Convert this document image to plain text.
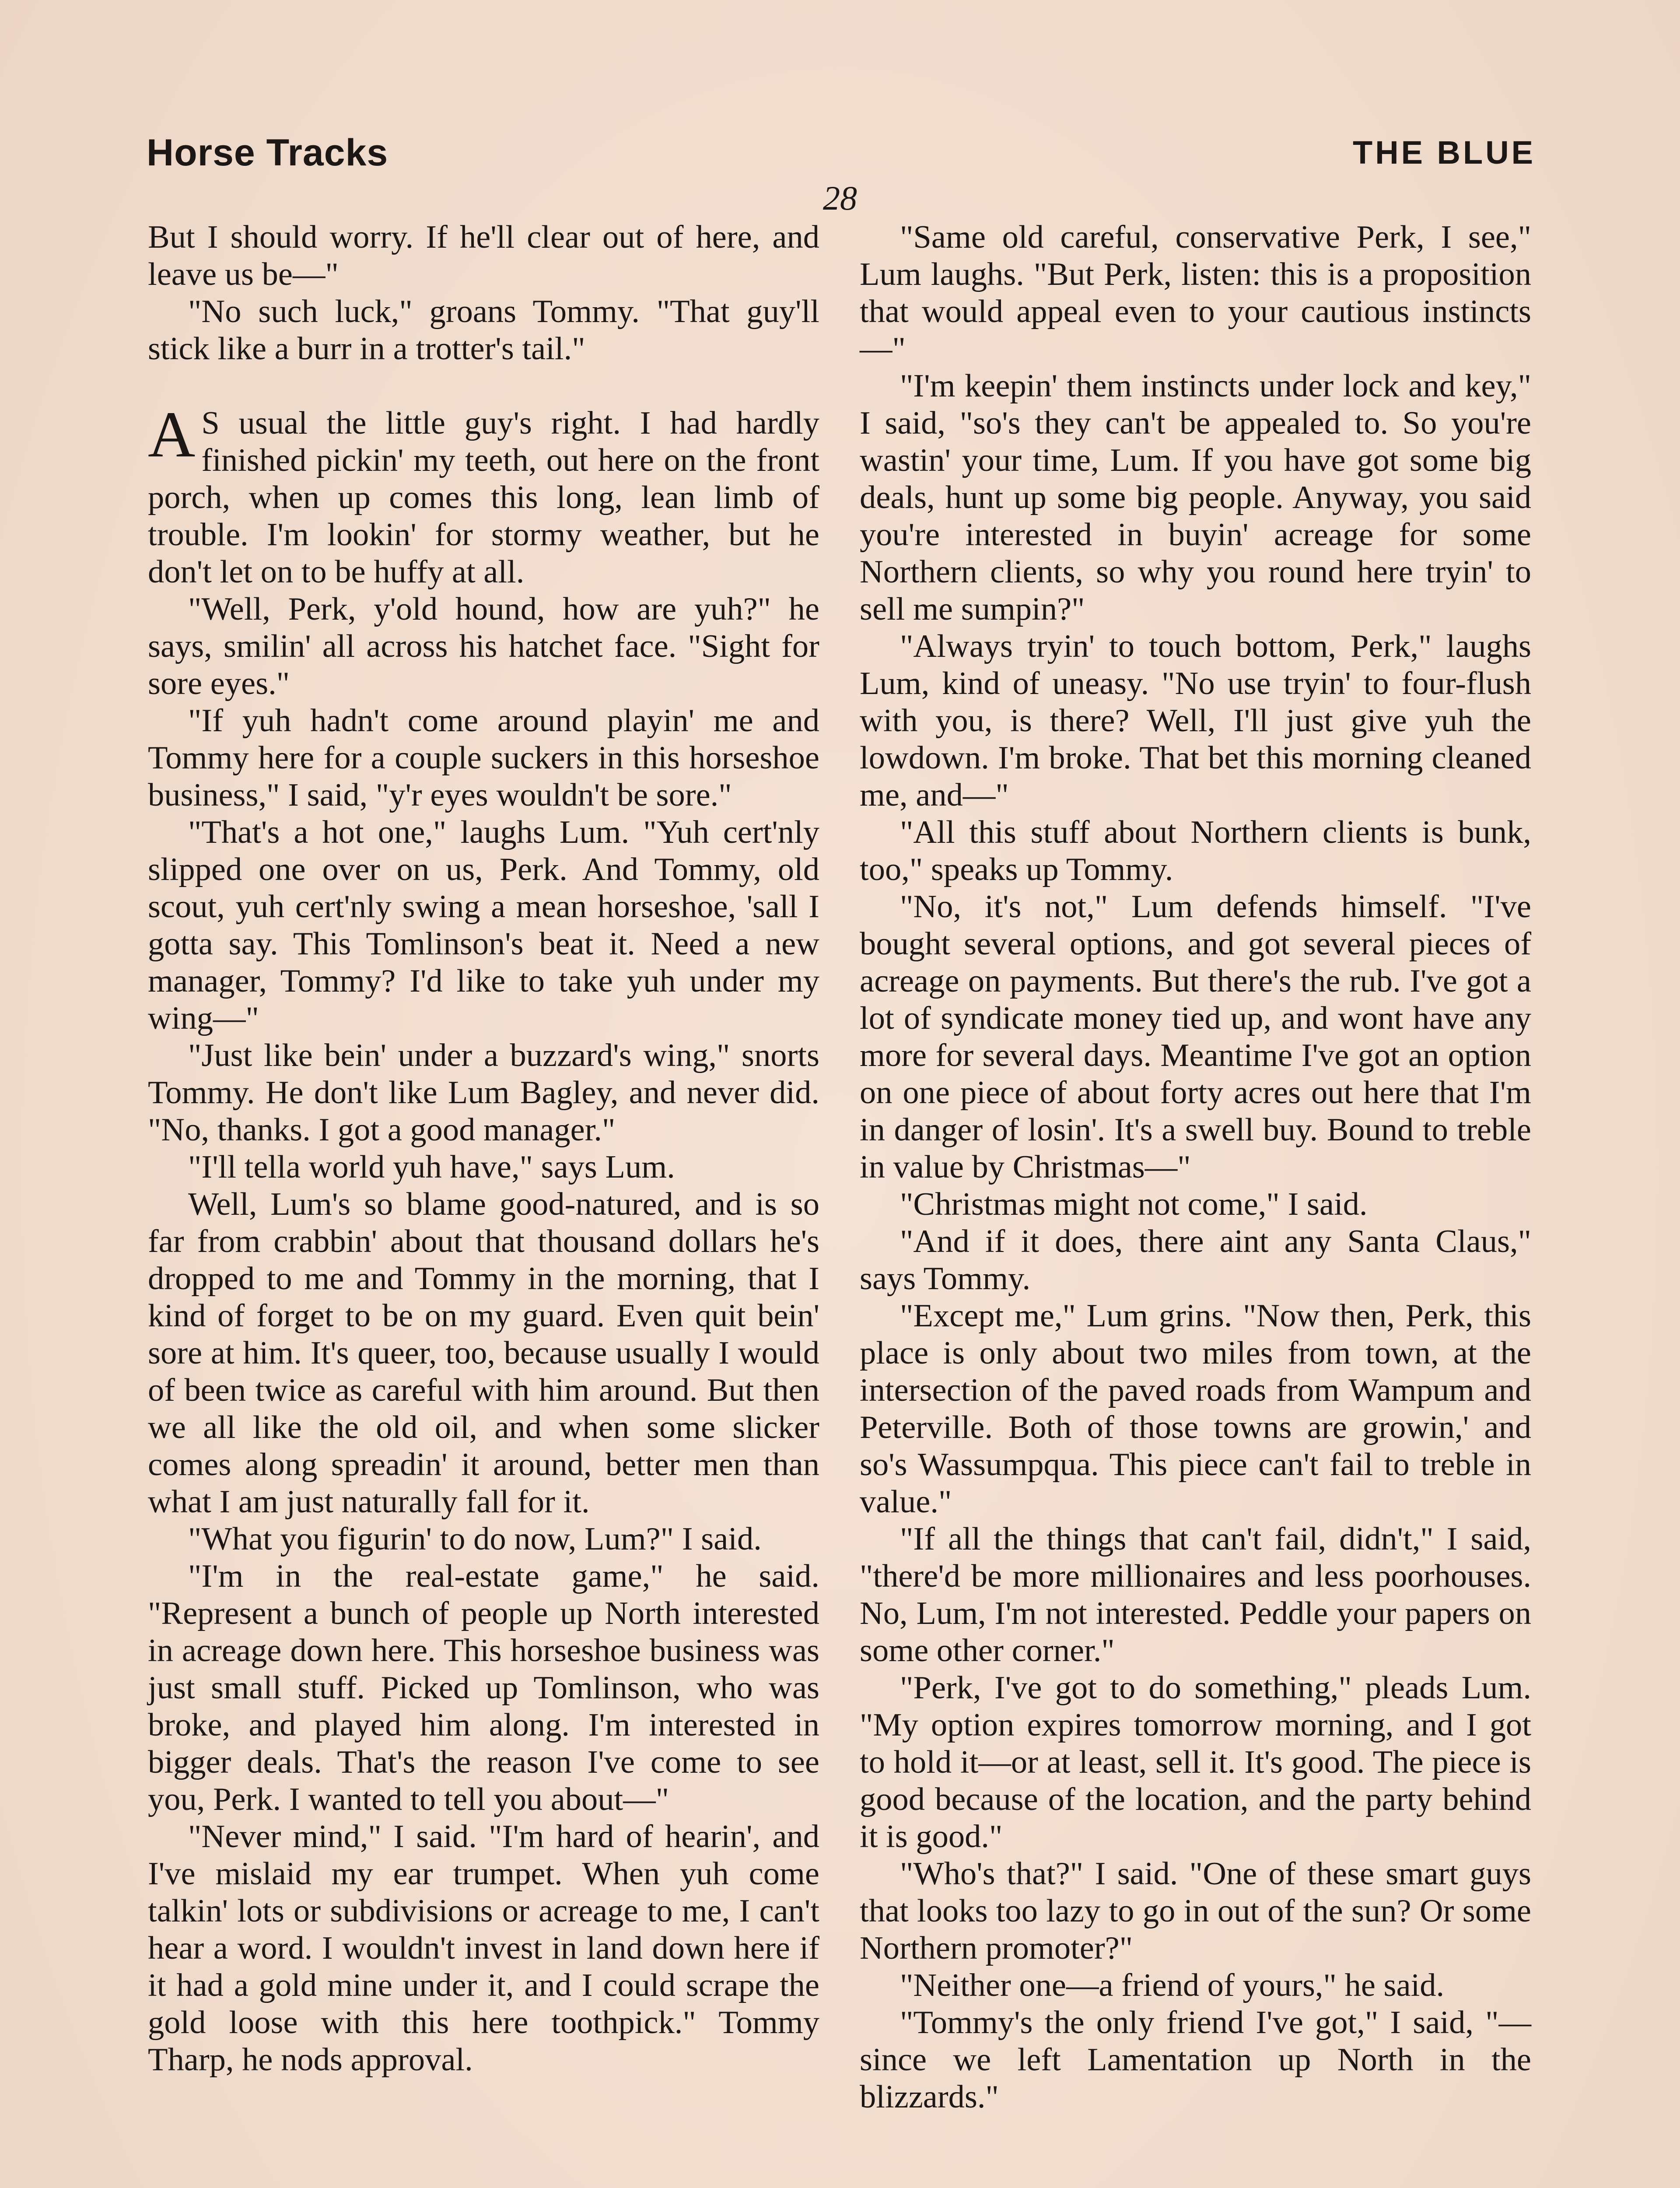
Horse Tracks	THE BLUE
28

But I should worry. If he'll clear out of here, and leave us be—"

"No such luck," groans Tommy. "That guy'll stick like a burr in a trotter's tail."

A S usual the little guy's right. I had hardly finished pickin' my teeth, out here on the front porch, when up comes this long, lean limb of trouble. I'm lookin' for stormy weather, but he don't let on to be huffy at all.

"Well, Perk, y'old hound, how are yuh?" he says, smilin' all across his hatchet face. "Sight for sore eyes."

"If yuh hadn't come around playin' me and Tommy here for a couple suckers in this horseshoe business," I said, "y'r eyes wouldn't be sore."

"That's a hot one," laughs Lum. "Yuh cert'nly slipped one over on us, Perk. And Tommy, old scout, yuh cert'nly swing a mean horseshoe, 'sall I gotta say. This Tomlinson's beat it. Need a new manager, Tommy? I'd like to take yuh under my wing—"

"Just like bein' under a buzzard's wing," snorts Tommy. He don't like Lum Bagley, and never did. "No, thanks. I got a good manager."

"I'll tella world yuh have," says Lum.

Well, Lum's so blame good-natured, and is so far from crabbin' about that thousand dollars he's dropped to me and Tommy in the morning, that I kind of forget to be on my guard. Even quit bein' sore at him. It's queer, too, because usually I would of been twice as careful with him around. But then we all like the old oil, and when some slicker comes along spreadin' it around, better men than what I am just naturally fall for it.

"What you figurin' to do now, Lum?" I said.

"I'm in the real-estate game," he said. "Represent a bunch of people up North interested in acreage down here. This horseshoe business was just small stuff. Picked up Tomlinson, who was broke, and played him along. I'm interested in bigger deals. That's the reason I've come to see you, Perk. I wanted to tell you about—"

"Never mind," I said. "I'm hard of hearin', and I've mislaid my ear trumpet. When yuh come talkin' lots or subdivisions or acreage to me, I can't hear a word. I wouldn't invest in land down here if it had a gold mine under it, and I could scrape the gold loose with this here toothpick." Tommy Tharp, he nods approval.

"Same old careful, conservative Perk, I see," Lum laughs. "But Perk, listen: this is a proposition that would appeal even to your cautious instincts—"

"I'm keepin' them instincts under lock and key," I said, "so's they can't be appealed to. So you're wastin' your time, Lum. If you have got some big deals, hunt up some big people. Anyway, you said you're interested in buyin' acreage for some Northern clients, so why you round here tryin' to sell me sumpin?"

"Always tryin' to touch bottom, Perk," laughs Lum, kind of uneasy. "No use tryin' to four-flush with you, is there? Well, I'll just give yuh the lowdown. I'm broke. That bet this morning cleaned me, and—"

"All this stuff about Northern clients is bunk, too," speaks up Tommy.

"No, it's not," Lum defends himself. "I've bought several options, and got several pieces of acreage on payments. But there's the rub. I've got a lot of syndicate money tied up, and wont have any more for several days. Meantime I've got an option on one piece of about forty acres out here that I'm in danger of losin'. It's a swell buy. Bound to treble in value by Christmas—"

"Christmas might not come," I said.

"And if it does, there aint any Santa Claus," says Tommy.

"Except me," Lum grins. "Now then, Perk, this place is only about two miles from town, at the intersection of the paved roads from Wampum and Peterville. Both of those towns are growin,' and so's Wassumpqua. This piece can't fail to treble in value."

"If all the things that can't fail, didn't," I said, "there'd be more millionaires and less poorhouses. No, Lum, I'm not interested. Peddle your papers on some other corner."

"Perk, I've got to do something," pleads Lum. "My option expires tomorrow morning, and I got to hold it—or at least, sell it. It's good. The piece is good because of the location, and the party behind it is good."

"Who's that?" I said. "One of these smart guys that looks too lazy to go in out of the sun? Or some Northern promoter?"

"Neither one—a friend of yours," he said.

"Tommy's the only friend I've got," I said, "—since we left Lamentation up North in the blizzards."
